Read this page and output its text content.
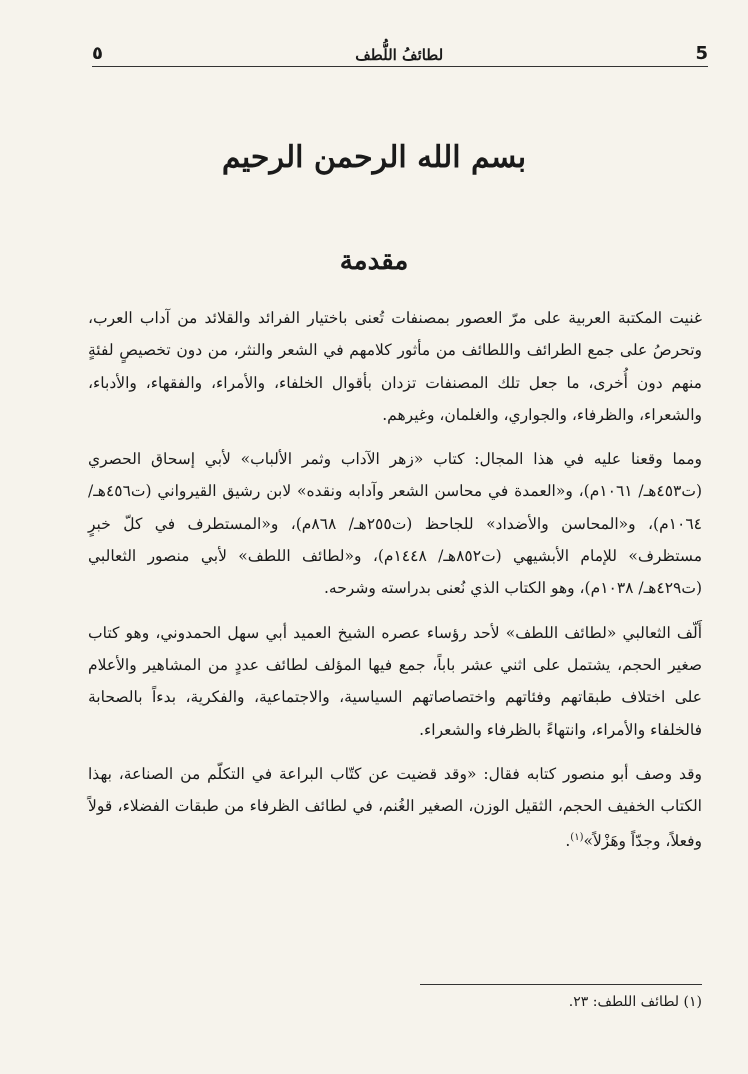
٥	لطائفُ اللُّطف	5
بسم الله الرحمن الرحيم
مقدمة

غنيت المكتبة العربية على مرّ العصور بمصنفات تُعنى باختيار الفرائد والقلائد من آداب العرب، وتحرصُ على جمع الطرائف واللطائف من مأثور كلامهم في الشعر والنثر، من دون تخصيصٍ لفئةٍ منهم دون أُخرى، ما جعل تلك المصنفات تزدان بأقوال الخلفاء، والأمراء، والفقهاء، والأدباء، والشعراء، والظرفاء، والجواري، والغلمان، وغيرهم.

ومما وقعنا عليه في هذا المجال: كتاب «زهر الآداب وثمر الألباب» لأبي إسحاق الحصري (ت٤٥٣هـ/ ١٠٦١م)، و«العمدة في محاسن الشعر وآدابه ونقده» لابن رشيق القيرواني (ت٤٥٦هـ/ ١٠٦٤م)، و«المحاسن والأضداد» للجاحظ (ت٢٥٥هـ/ ٨٦٨م)، و«المستطرف في كلّ خبرٍ مستظرف» للإمام الأبشيهي (ت٨٥٢هـ/ ١٤٤٨م)، و«لطائف اللطف» لأبي منصور الثعالبي (ت٤٢٩هـ/ ١٠٣٨م)، وهو الكتاب الذي نُعنى بدراسته وشرحه.

أَلّف الثعالبي «لطائف اللطف» لأحد رؤساء عصره الشيخ العميد أبي سهل الحمدوني، وهو كتاب صغير الحجم، يشتمل على اثني عشر باباً، جمع فيها المؤلف لطائف عددٍ من المشاهير والأعلام على اختلاف طبقاتهم وفئاتهم واختصاصاتهم السياسية، والاجتماعية، والفكرية، بدءاً بالصحابة فالخلفاء والأمراء، وانتهاءً بالظرفاء والشعراء.

وقد وصف أبو منصور كتابه فقال: «وقد قضيت عن كتّاب البراعة في التكلّم من الصناعة، بهذا الكتاب الخفيف الحجم، الثقيل الوزن، الصغير الغُنم، في لطائف الظرفاء من طبقات الفضلاء، قولاً وفعلاً، وجدّاً وهَزْلاً»$^{(١)}$.

(١) لطائف اللطف: ٢٣.
